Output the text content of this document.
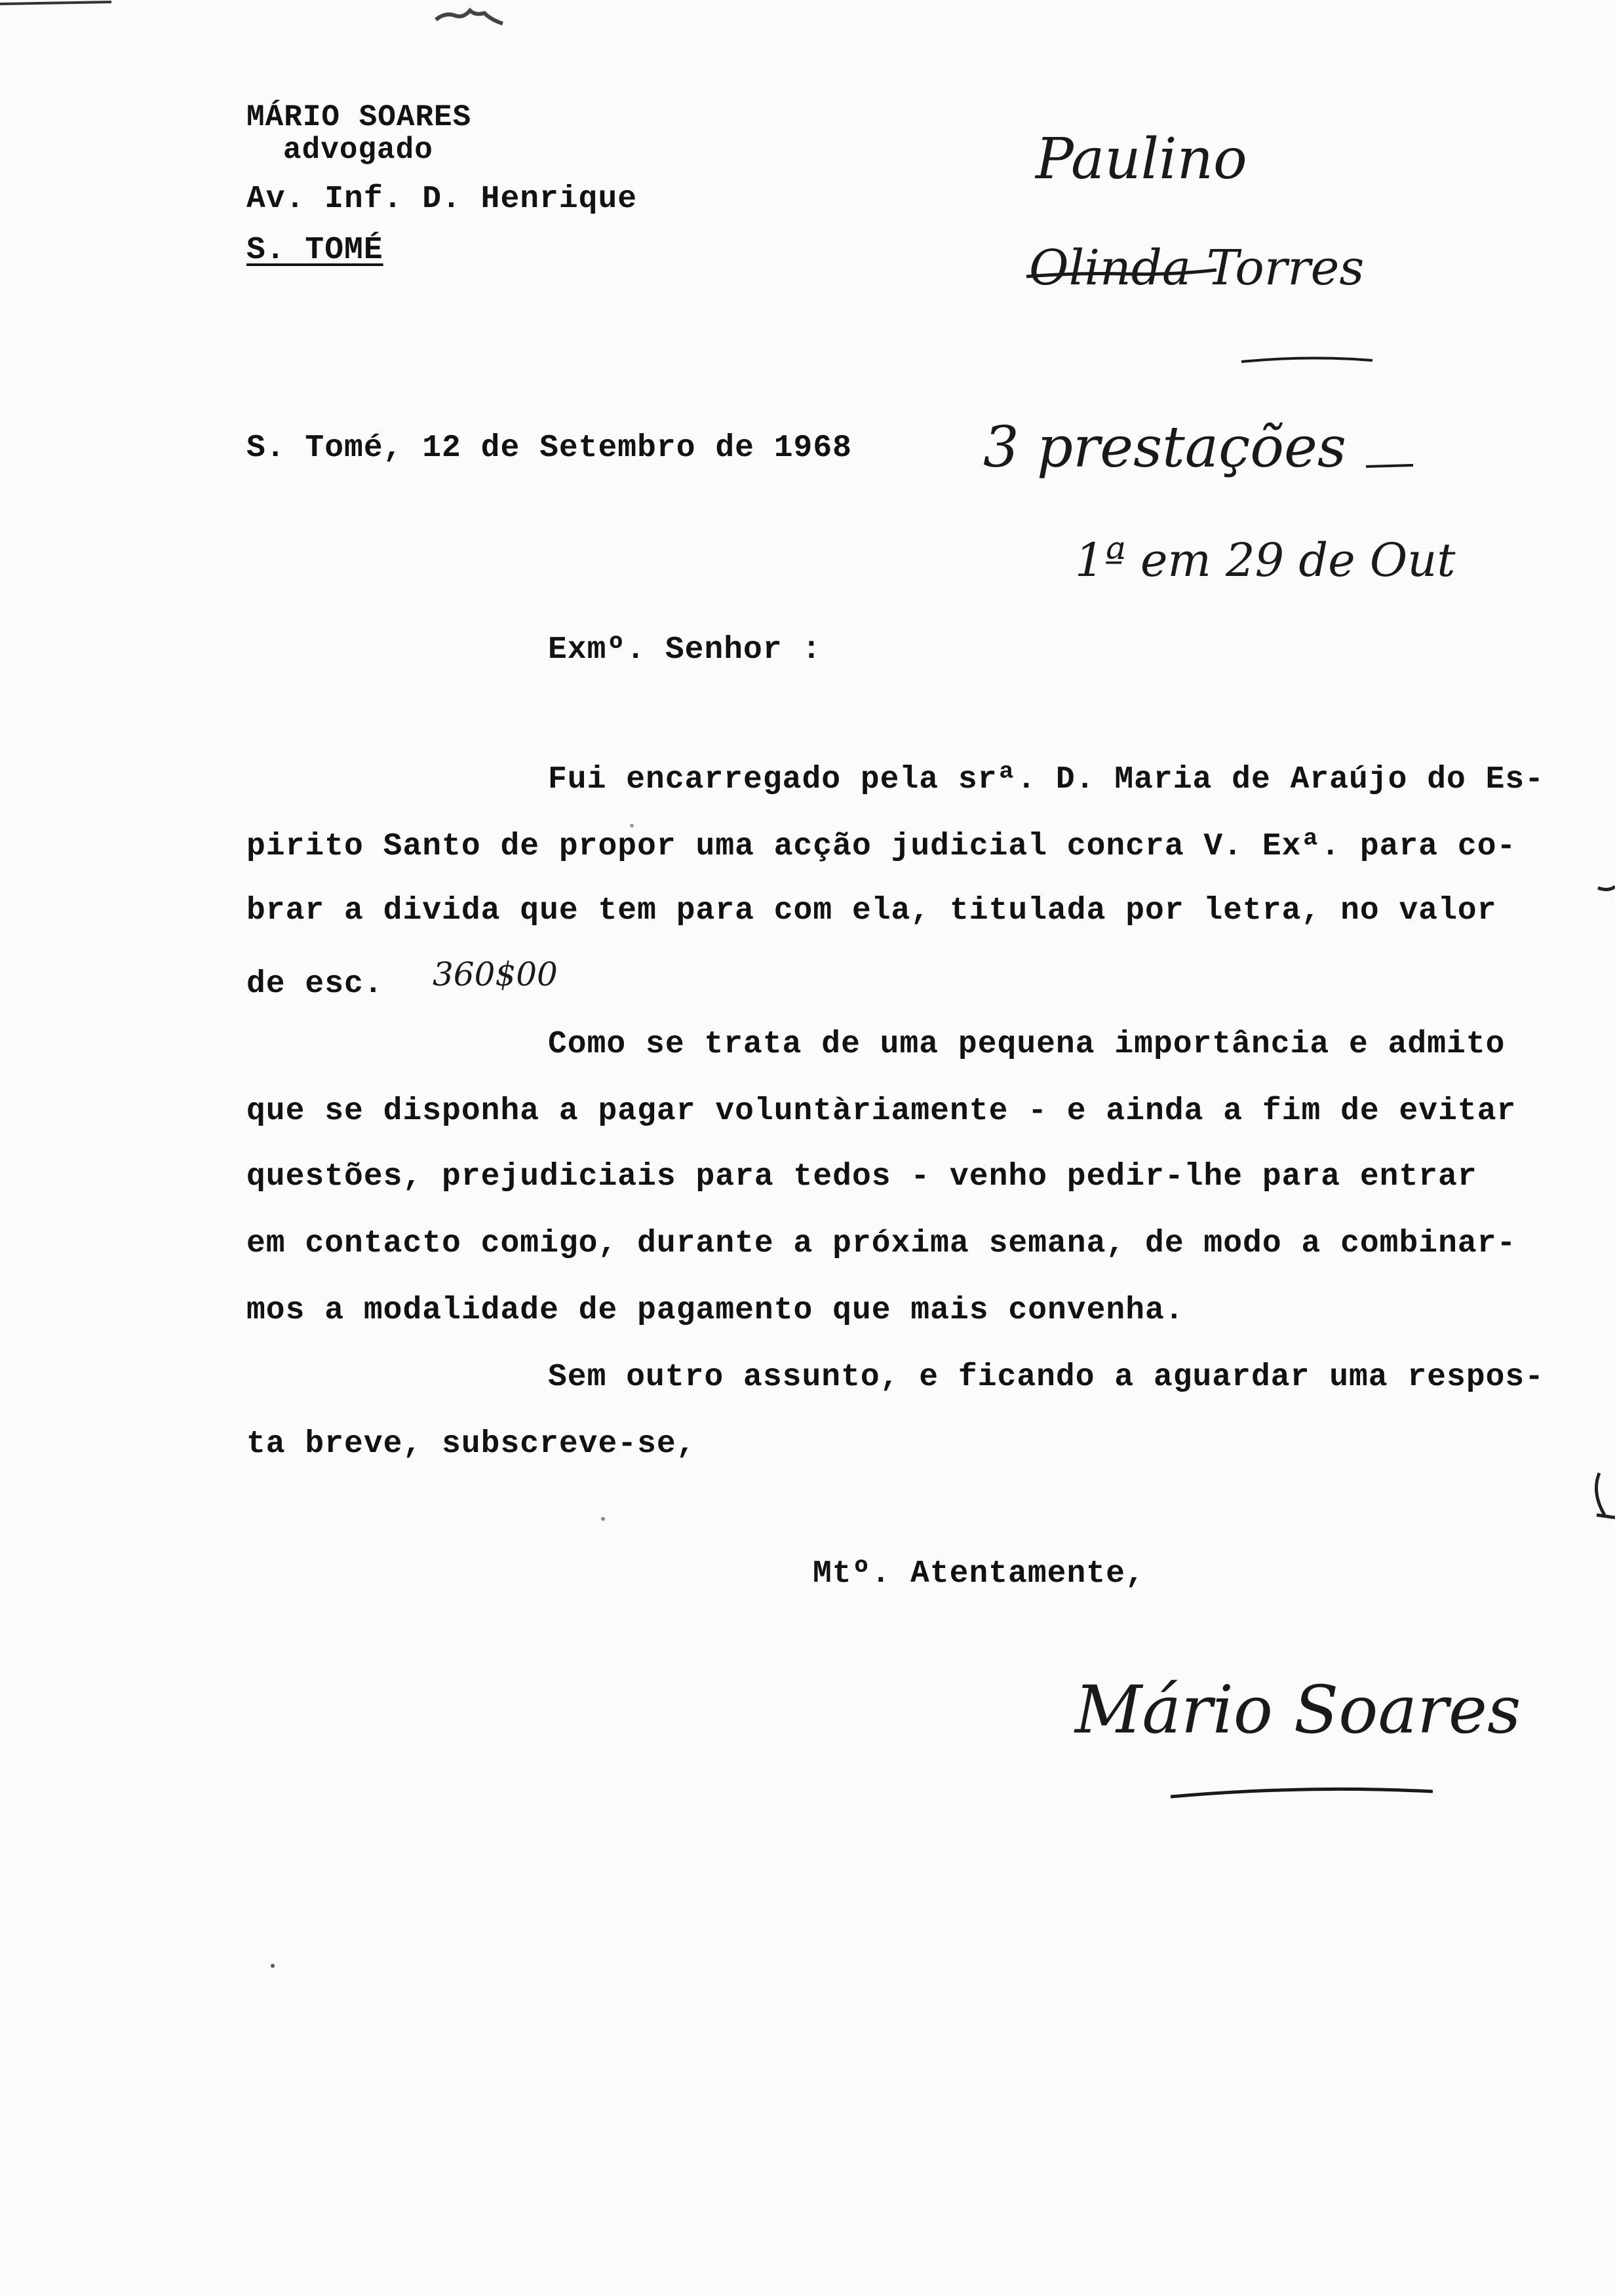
MÁRIO SOARES
advogado
Av. Inf. D. Henrique
S. TOMÉ
S. Tomé, 12 de Setembro de 1968
Exmº. Senhor :
Fui encarregado pela srª. D. Maria de Araújo do Es-
pirito Santo de propor uma acção judicial concra V. Exª. para co-
brar a divida que tem para com ela, titulada por letra, no valor
de esc. 360$00
Como se trata de uma pequena importância e admito
que se disponha a pagar voluntàriamente - e ainda a fim de evitar
questões, prejudiciais para tedos - venho pedir-lhe para entrar
em contacto comigo, durante a próxima semana, de modo a combinar-
mos a modalidade de pagamento que mais convenha.
Sem outro assunto, e ficando a aguardar uma respos-
ta breve, subscreve-se,
Mtº. Atentamente,
Paulino
Olinda Torres
3 prestações
1ª em 29 de Out
Mário Soares
